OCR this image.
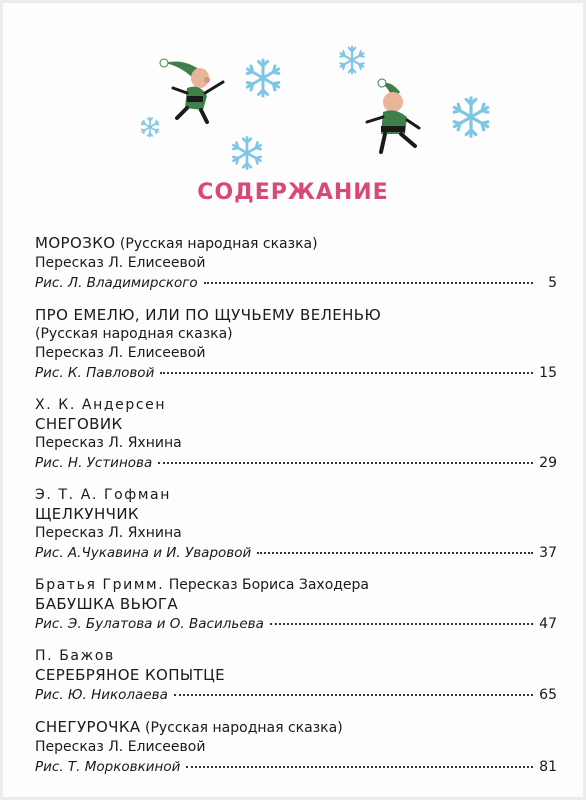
СОДЕРЖАНИЕ
МОРОЗКО (Русская народная сказка)
Пересказ Л. Елисеевой
Рис. Л. Владимирского	5
ПРО ЕМЕЛЮ, ИЛИ ПО ЩУЧЬЕМУ ВЕЛЕНЬЮ
(Русская народная сказка)
Пересказ Л. Елисеевой
Рис. К. Павловой	15
Х. К. Андерсен
СНЕГОВИК
Пересказ Л. Яхнина
Рис. Н. Устинова	29
Э. Т. А. Гофман
ЩЕЛКУНЧИК
Пересказ Л. Яхнина
Рис. А.Чукавина и И. Уваровой	37
Братья Гримм. Пересказ Бориса Заходера
БАБУШКА ВЬЮГА
Рис. Э. Булатова и О. Васильева	47
П. Бажов
СЕРЕБРЯНОЕ КОПЫТЦЕ
Рис. Ю. Николаева	65
СНЕГУРОЧКА (Русская народная сказка)
Пересказ Л. Елисеевой
Рис. Т. Морковкиной	81
